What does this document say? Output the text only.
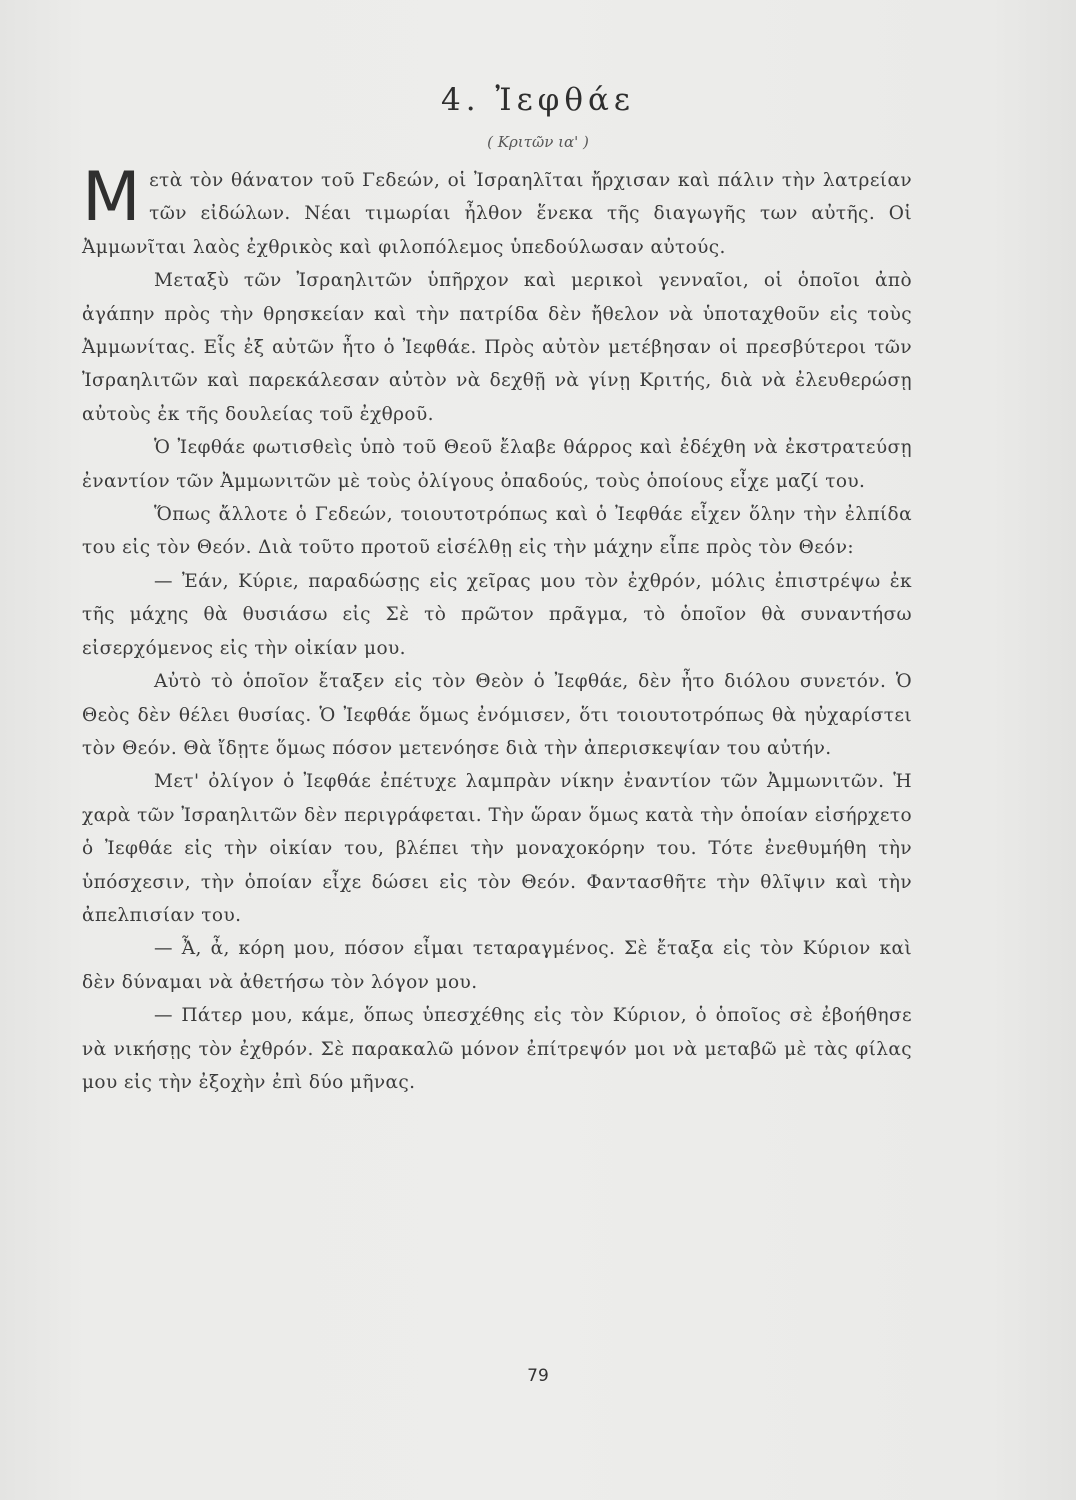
4. Ἰεφθάε
( Κριτῶν ια' )

Μετὰ τὸν θάνατον τοῦ Γεδεών, οἱ Ἰσραηλῖται ἤρχισαν καὶ πάλιν τὴν λατρείαν τῶν εἰδώλων. Νέαι τιμωρίαι ἦλθον ἕνεκα τῆς διαγωγῆς των αὐτῆς. Οἱ Ἀμμωνῖται λαὸς ἐχθρικὸς καὶ φιλοπόλεμος ὑπεδούλωσαν αὐτούς.

Μεταξὺ τῶν Ἰσραηλιτῶν ὑπῆρχον καὶ μερικοὶ γενναῖοι, οἱ ὁποῖοι ἀπὸ ἀγάπην πρὸς τὴν θρησκείαν καὶ τὴν πατρίδα δὲν ἤθελον νὰ ὑποταχθοῦν εἰς τοὺς Ἀμμωνίτας. Εἷς ἐξ αὐτῶν ἦτο ὁ Ἰεφθάε. Πρὸς αὐτὸν μετέβησαν οἱ πρεσβύτεροι τῶν Ἰσραηλιτῶν καὶ παρεκάλεσαν αὐτὸν νὰ δεχθῇ νὰ γίνῃ Κριτής, διὰ νὰ ἐλευθερώσῃ αὐτοὺς ἐκ τῆς δουλείας τοῦ ἐχθροῦ.

Ὁ Ἰεφθάε φωτισθεὶς ὑπὸ τοῦ Θεοῦ ἔλαβε θάρρος καὶ ἐδέχθη νὰ ἐκστρατεύσῃ ἐναντίον τῶν Ἀμμωνιτῶν μὲ τοὺς ὀλίγους ὀπαδούς, τοὺς ὁποίους εἶχε μαζί του.

Ὅπως ἄλλοτε ὁ Γεδεών, τοιουτοτρόπως καὶ ὁ Ἰεφθάε εἶχεν ὅλην τὴν ἐλπίδα του εἰς τὸν Θεόν. Διὰ τοῦτο προτοῦ εἰσέλθῃ εἰς τὴν μάχην εἶπε πρὸς τὸν Θεόν:

— Ἐάν, Κύριε, παραδώσῃς εἰς χεῖρας μου τὸν ἐχθρόν, μόλις ἐπιστρέψω ἐκ τῆς μάχης θὰ θυσιάσω εἰς Σὲ τὸ πρῶτον πρᾶγμα, τὸ ὁποῖον θὰ συναντήσω εἰσερχόμενος εἰς τὴν οἰκίαν μου.

Αὐτὸ τὸ ὁποῖον ἔταξεν εἰς τὸν Θεὸν ὁ Ἰεφθάε, δὲν ἦτο διόλου συνετόν. Ὁ Θεὸς δὲν θέλει θυσίας. Ὁ Ἰεφθάε ὅμως ἐνόμισεν, ὅτι τοιουτοτρόπως θὰ ηὐχαρίστει τὸν Θεόν. Θὰ ἴδῃτε ὅμως πόσον μετενόησε διὰ τὴν ἀπερισκεψίαν του αὐτήν.

Μετ' ὀλίγον ὁ Ἰεφθάε ἐπέτυχε λαμπρὰν νίκην ἐναντίον τῶν Ἀμμωνιτῶν. Ἡ χαρὰ τῶν Ἰσραηλιτῶν δὲν περιγράφεται. Τὴν ὥραν ὅμως κατὰ τὴν ὁποίαν εἰσήρχετο ὁ Ἰεφθάε εἰς τὴν οἰκίαν του, βλέπει τὴν μοναχοκόρην του. Τότε ἐνεθυμήθη τὴν ὑπόσχεσιν, τὴν ὁποίαν εἶχε δώσει εἰς τὸν Θεόν. Φαντασθῆτε τὴν θλῖψιν καὶ τὴν ἀπελπισίαν του.

— Ἆ, ἆ, κόρη μου, πόσον εἶμαι τεταραγμένος. Σὲ ἔταξα εἰς τὸν Κύριον καὶ δὲν δύναμαι νὰ ἀθετήσω τὸν λόγον μου.

— Πάτερ μου, κάμε, ὅπως ὑπεσχέθης εἰς τὸν Κύριον, ὁ ὁποῖος σὲ ἐβοήθησε νὰ νικήσῃς τὸν ἐχθρόν. Σὲ παρακαλῶ μόνον ἐπίτρεψόν μοι νὰ μεταβῶ μὲ τὰς φίλας μου εἰς τὴν ἐξοχὴν ἐπὶ δύο μῆνας.

79
